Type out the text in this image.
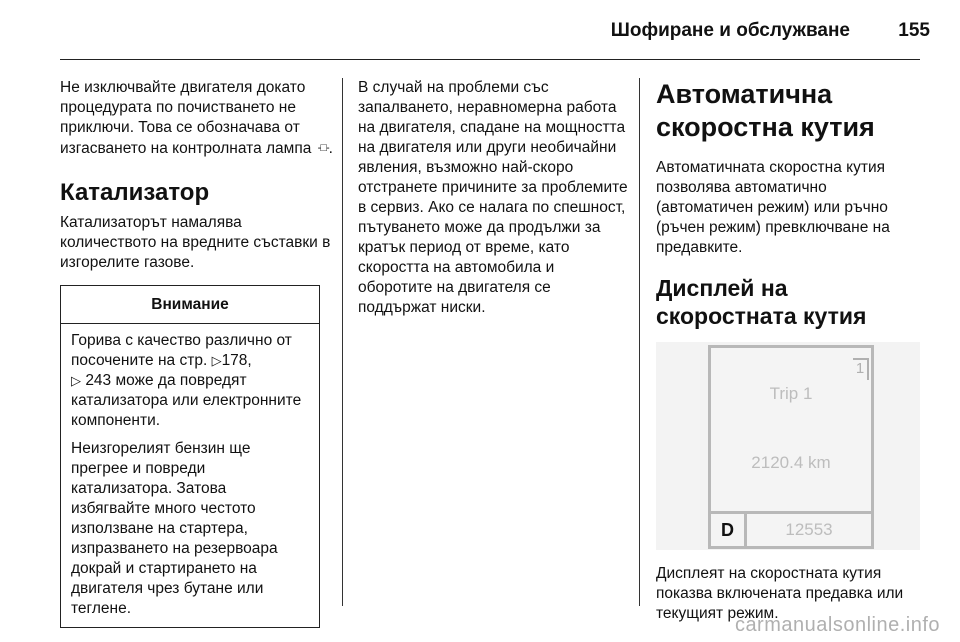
Шофиране и обслужване	155

Не изключвайте двигателя докато процедурата по почистването не приключи. Това се обозначава от изгасването на контролната лампа -□-.

Катализатор

Катализаторът намалява количеството на вредните съставки в изгорелите газове.

Внимание

Горива с качество различно от посочените на стр. ▷178,
▷ 243 може да повредят катализатора или електронните компоненти.

Неизгорелият бензин ще прегрее и повреди катализатора. Затова избягвайте много честото използване на стартера, изпразването на резервоара докрай и стартирането на двигателя чрез бутане или теглене.

В случай на проблеми със запалването, неравномерна работа на двигателя, спадане на мощността на двигателя или други необичайни явления, възможно най-скоро отстранете причините за проблемите в сервиз. Ако се налага по спешност, пътуването може да продължи за кратък период от време, като скоростта на автомобила и оборотите на двигателя се поддържат ниски.

Автоматична скоростна кутия

Автоматичната скоростна кутия позволява автоматично (автоматичен режим) или ръчно (ръчен режим) превключване на предавките.

Дисплей на скоростната кутия
1
Trip 1
2120.4 km
D	12553

Дисплеят на скоростната кутия показва включената предавка или текущият режим.

carmanualsonline.info
